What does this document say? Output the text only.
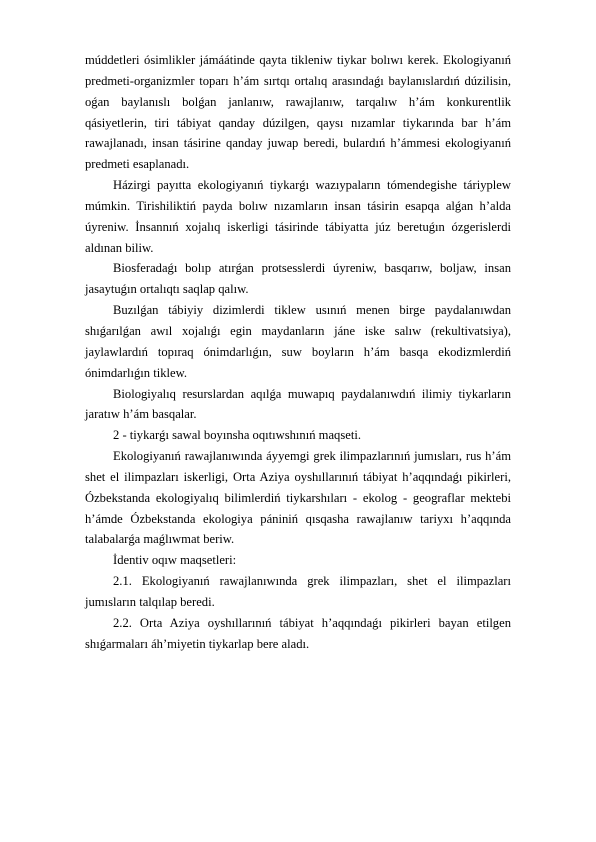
múddetleri ósimlikler jámáátinde qayta tikleniw tiykar bolıwı kerek. Ekologiyanıń predmeti-organizmler toparı h’ám sırtqı ortalıq arasındaǵı baylanıslardıń dúzilisin, oǵan baylanıslı bolǵan janlanıw, rawajlanıw, tarqalıw h’ám konkurentlik qásiyetlerin, tiri tábiyat qanday dúzilgen, qaysı nızamlar tiykarında bar h’ám rawajlanadı, insan tásirine qanday juwap beredi, bulardıń h’ámmesi ekologiyanıń predmeti esaplanadı.

Házirgi payıtta ekologiyanıń tiykarǵı wazıypaların tómendegishe táriyplew múmkin. Tirishiliktiń payda bolıw nızamların insan tásirin esapqa alǵan h’alda úyreniw. İnsannıń xojalıq iskerligi tásirinde tábiyatta júz beretuǵın ózgerislerdi aldınan biliw.

Biosferadaǵı bolıp atırǵan protsesslerdi úyreniw, basqarıw, boljaw, insan jasaytuǵın ortalıqtı saqlap qalıw.

Buzılǵan tábiyiy dizimlerdi tiklew usınıń menen birge paydalanıwdan shıǵarılǵan awıl xojalıǵı egin maydanların jáne iske salıw (rekultivatsiya), jaylawlardıń topıraq ónimdarlıǵın, suw boyların h’ám basqa ekodizmlerdiń ónimdarlıǵın tiklew.

Biologiyalıq resurslardan aqılǵa muwapıq paydalanıwdıń ilimiy tiykarların jaratıw h’ám basqalar.

2 - tiykarǵı sawal boyınsha oqıtıwshınıń maqseti.

Ekologiyanıń rawajlanıwında áyyemgi grek ilimpazlarınıń jumısları, rus h’ám shet el ilimpazları iskerligi, Orta Aziya oyshıllarınıń tábiyat h’aqqındaǵı pikirleri, Ózbekstanda ekologiyalıq bilimlerdiń tiykarshıları - ekolog - geograflar mektebi h’ámde Ózbekstanda ekologiya pániniń qısqasha rawajlanıw tariyxı h’aqqında talabalarǵa maǵlıwmat beriw.

İdentiv oqıw maqsetleri:

2.1. Ekologiyanıń rawajlanıwında grek ilimpazları, shet el ilimpazları jumısların talqılap beredi.

2.2. Orta Aziya oyshıllarınıń tábiyat h’aqqındaǵı pikirleri bayan etilgen shıǵarmaları áh’miyetin tiykarlap bere aladı.
